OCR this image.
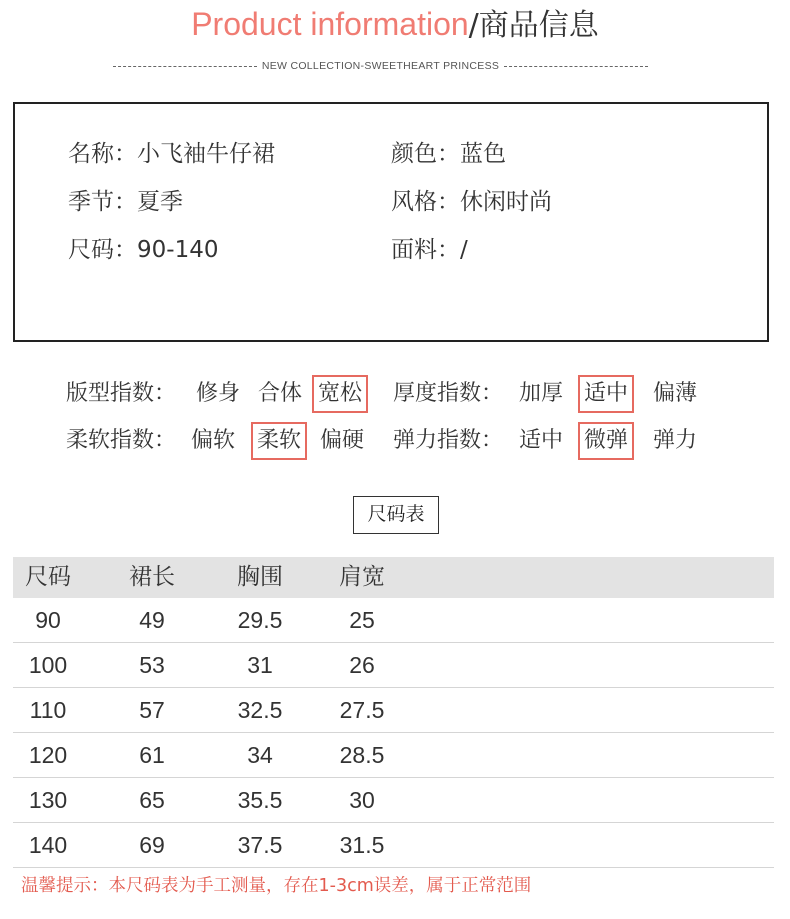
Product information/商品信息
NEW COLLECTION-SWEETHEART PRINCESS
名称：小飞袖牛仔裙	颜色：蓝色
季节：夏季	风格：休闲时尚
尺码：90-140	面料：/
版型指数： 修身 合体 宽松 厚度指数： 加厚 适中 偏薄
柔软指数： 偏软 柔软 偏硬 弹力指数： 适中 微弹 弹力
尺码表
尺码	裙长	胸围	肩宽
90	49	29.5	25
100	53	31	26
110	57	32.5	27.5
120	61	34	28.5
130	65	35.5	30
140	69	37.5	31.5
温馨提示：本尺码表为手工测量，存在1-3cm误差，属于正常范围
